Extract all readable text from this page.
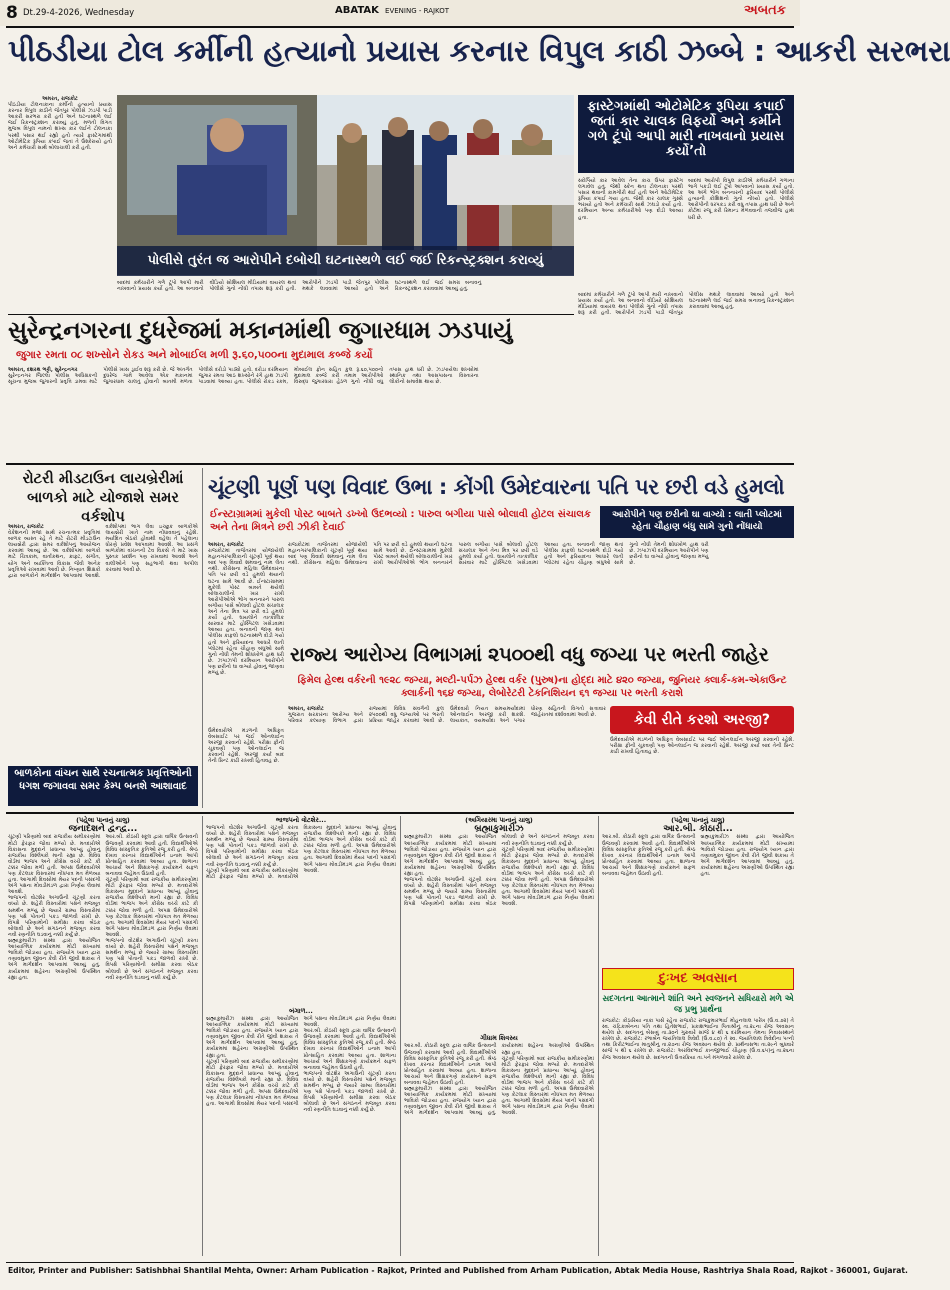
8 Dt.29-4-2026, Wednesday	ABATAK EVENING - RAJKOT	અબતક
પીઠડીયા ટોલ કર્મીની હત્યાનો પ્રયાસ કરનાર વિપુલ કાઠી ઝબ્બે : આકરી સરભરા
અમરત, રાજકોટ

પીઠડીયા ટોલનાકાના કર્મીની હત્યાનો પ્રયાસ કરનાર વિપુલ કાઠીને જેતપુર પોલીસે ઝડપી પાડી આકરી સરભરા કરી હતી અને ઘટનાસ્થળે લઈ જઈ રિકન્સ્ટ્રક્શન કરાવ્યું હતું. મળતી વિગત મુજબ વિપુલ નામનો શખ્સ કાર લઈને ટોલનાકા પરથી પસાર થઈ રહ્યો હતો ત્યારે ફાસ્ટેગમાંથી ઓટોમેટિક રૂપિયા કપાઈ જતાં તે ઉશ્કેરાયો હતો અને કર્મચારી સાથે બોલાચાલી કરી હતી.

ફાસ્ટેગમાંથી ઓટોમેટિક રૂપિયા કપાઈ જતાં કાર ચાલક વિફર્યો અને કર્મીને ગળે ટૂંપો આપી મારી નાખવાનો પ્રયાસ કર્યો’તો

સ્કોર્પિયો કાર આવેલ તેના કાચ ઉપર ફાસ્ટેગ લગાવેલ હતું. જેથી સ્કેન થતા ટોલનાકા પરથી પસાર થવાની કામગીરી થઈ હતી અને ઓટોમેટિક રૂપિયા કપાઈ ગયા હતા. જેથી કાર ચાલક ગુસ્સે ભરાયો હતો અને કર્મચારી સાથે ઝઘડો કર્યો હતો. દરમિયાન અન્ય કર્મચારીઓ પણ દોડી આવ્યા હતા.

બાદમાં આરોપી વિપુલ કાઠીએ કર્મચારીને ગળાના ભાગે પકડી લઈ ટૂંપો આપવાનો પ્રયાસ કર્યો હતો. આ અંગે ભોગ બનનારની ફરિયાદ પરથી પોલીસે હત્યાની કોશિશનો ગુનો નોંધ્યો હતો. પોલીસે આરોપીની ધરપકડ કરી વધુ તપાસ હાથ ધરી છે અને કોર્ટમાં રજૂ કરી રિમાન્ડ મેળવવાની તજવીજ હાથ ધરી છે.

પોલીસે તુરંત જ આરોપીને દબોચી ઘટનાસ્થળે લઈ જઈ રિકન્સ્ટ્રક્શન કરાવ્યું

બાદમાં કર્મચારીને ગળે ટૂંપો આપી મારી નાખવાનો પ્રયાસ કર્યો હતો. આ બનાવનો વીડિયો સોશિયલ મીડિયામાં વાયરલ થતાં પોલીસે ગુનો નોંધી તપાસ શરૂ કરી હતી. આરોપીને ઝડપી પાડી જેતપુર પોલીસ મથકે લાવવામાં આવ્યો હતો અને ઘટનાસ્થળે લઈ જઈ સમગ્ર બનાવનું રિકન્સ્ટ્રક્શન કરાવવામાં આવ્યું હતું.

સુરેન્દ્રનગરના દુધરેજમાં મકાનમાંથી જુગારધામ ઝડપાયું
જુગાર રમતા ૦૮ શખ્સોને રોકડ અને મોબાઈલ મળી રૂ.૬૦,૫૦૦ના મુદામાલ કબ્જે કર્યો
અમરત, દશરથ ભટ્ટી, સુરેન્દ્રનગર

સુરેન્દ્રનગર જિલ્લા પોલીસ અધિક્ષકની સૂચના મુજબ જુગારની પ્રવૃત્તિ ડામવા માટે પોલીસે ખાસ ડ્રાઈવ શરૂ કરી છે. જે અંતર્ગત દુધરેજ ગામે આવેલા એક મકાનમાં જુગારધામ ચાલતું હોવાની બાતમી મળતા પોલીસે દરોડો પાડ્યો હતો. દરોડા દરમિયાન જુગાર રમતા આઠ શખ્સોને રંગે હાથ ઝડપી પાડવામાં આવ્યા હતા. પોલીસે રોકડ રકમ, મોબાઈલ ફોન સહિત કુલ રૂ.૬૦,૫૦૦નો મુદામાલ કબ્જે કરી તમામ આરોપીઓ વિરુદ્ધ જુગારધારા હેઠળ ગુનો નોંધી વધુ તપાસ હાથ ધરી છે. ઝડપાયેલા શખ્સોમાં સ્થાનિક તથા આસપાસના વિસ્તારના લોકોનો સમાવેશ થાય છે.

બાદમાં કર્મચારીને ગળે ટૂંપો આપી મારી નાખવાનો પ્રયાસ કર્યો હતો. આ બનાવનો વીડિયો સોશિયલ મીડિયામાં વાયરલ થતાં પોલીસે ગુનો નોંધી તપાસ શરૂ કરી હતી. આરોપીને ઝડપી પાડી જેતપુર પોલીસ મથકે લાવવામાં આવ્યો હતો અને ઘટનાસ્થળે લઈ જઈ સમગ્ર બનાવનું રિકન્સ્ટ્રક્શન કરાવવામાં આવ્યું હતું.

રોટરી મીડટાઉન લાયબ્રેરીમાં બાળકો માટે યોજાશે સમર વર્કશોપ
અમરત, રાજકોટ

વેકેશનની મજા સાથે રચનાત્મક પ્રવૃત્તિમાં બાળક વ્યસ્ત રહે તે માટે રોટરી મીડટાઉન લાયબ્રેરી દ્વારા સમર વર્કશોપનું આયોજન કરવામાં આવ્યું છે. આ વર્કશોપમાં બાળકો માટે ચિત્રકામ, વાર્તાકથન, ક્રાફ્ટ, સંગીત, યોગ અને વ્યક્તિત્વ વિકાસ જેવી અનેક પ્રવૃત્તિઓ રાખવામાં આવી છે. નિષ્ણાત શિક્ષકો દ્વારા બાળકોને માર્ગદર્શન આપવામાં આવશે. વર્કશોપમાં ભાગ લેવા ઇચ્છુક બાળકોએ લાયબ્રેરી ખાતે નામ નોંધાવવાનું રહેશે. મર્યાદિત બેઠકો હોવાથી વહેલા તે પહેલાના ધોરણે પ્રવેશ આપવામાં આવશે. આ પ્રસંગે બાળકોમાં વાંચનની ટેવ વિકસે તે માટે ખાસ પુસ્તક પ્રદર્શન પણ રાખવામાં આવશે અને વાલીઓને પણ સહભાગી થવા અપીલ કરવામાં આવી છે.

બાળકોના વાંચન સાથે રચનાત્મક પ્રવૃત્તિઓની ધગશ જગાવવા સમર કેમ્પ બનશે આશાવાદ
ચૂંટણી પૂર્ણ પણ વિવાદ ઉભા : કોંગી ઉમેદવારના પતિ પર છરી વડે હુમલો
ઈન્સ્ટાગ્રામમાં મુકેલી પોસ્ટ બાબતે ડખ્ખો ઉદભવ્યો : પારુલ બગીયા પાસે બોલાવી હોટલ સંચાલક અને તેના મિત્રને છરી ઝીકી દેવાઈ
આરોપીને પણ છરીનો ઘા વાગ્યો : લાતી પ્લોટમાં રહેતા ચૌહાણ બંધુ સામે ગુનો નોંધાયો
અમરત, રાજકોટ

રાજકોટમાં તાજેતરમાં યોજાયેલી મહાનગરપાલિકાની ચૂંટણી પૂર્ણ થયા બાદ પણ વિવાદો શમવાનું નામ લેતા નથી. કોંગ્રેસના મહિલા ઉમેદવારના પતિ પર છરી વડે હુમલો થયાની ઘટના સામે આવી છે. ઈન્સ્ટાગ્રામમાં મુકેલી પોસ્ટ બાબતે થયેલી બોલાચાલીનો ખાર રાખી આરોપીઓએ ભોગ બનનારને પારુલ બગીયા પાસે બોલાવી હોટલ સંચાલક અને તેના મિત્ર પર છરી વડે હુમલો કર્યો હતો. ઘાયલોને તાત્કાલિક સારવાર માટે હોસ્પિટલ ખસેડવામાં આવ્યા હતા. બનાવની જાણ થતાં પોલીસ કાફલો ઘટનાસ્થળે દોડી ગયો હતો અને ફરિયાદના આધારે લાતી પ્લોટમાં રહેતા ચૌહાણ બંધુઓ સામે ગુનો નોંધી તેમની શોધખોળ હાથ ધરી છે. ઝપાઝપી દરમિયાન આરોપીને પણ છરીનો ઘા વાગ્યો હોવાનું જાણવા મળ્યું છે.

રાજકોટમાં તાજેતરમાં યોજાયેલી મહાનગરપાલિકાની ચૂંટણી પૂર્ણ થયા બાદ પણ વિવાદો શમવાનું નામ લેતા નથી. કોંગ્રેસના મહિલા ઉમેદવારના પતિ પર છરી વડે હુમલો થયાની ઘટના સામે આવી છે. ઈન્સ્ટાગ્રામમાં મુકેલી પોસ્ટ બાબતે થયેલી બોલાચાલીનો ખાર રાખી આરોપીઓએ ભોગ બનનારને પારુલ બગીયા પાસે બોલાવી હોટલ સંચાલક અને તેના મિત્ર પર છરી વડે હુમલો કર્યો હતો. ઘાયલોને તાત્કાલિક સારવાર માટે હોસ્પિટલ ખસેડવામાં આવ્યા હતા. બનાવની જાણ થતાં પોલીસ કાફલો ઘટનાસ્થળે દોડી ગયો હતો અને ફરિયાદના આધારે લાતી પ્લોટમાં રહેતા ચૌહાણ બંધુઓ સામે ગુનો નોંધી તેમની શોધખોળ હાથ ધરી છે. ઝપાઝપી દરમિયાન આરોપીને પણ છરીનો ઘા વાગ્યો હોવાનું જાણવા મળ્યું છે.

રાજ્ય આરોગ્ય વિભાગમાં ૨૫૦૦થી વધુ જગ્યા પર ભરતી જાહેર
ફિમેલ હેલ્થ વર્કરની ૧૯૨૮ જગ્યા, મલ્ટી-પર્પઝ હેલ્થ વર્કર (પુરુષ)ના હોદ્દા માટે ૪૨૦ જગ્યા, જુનિયર ક્લાર્ક-કમ-એકાઉન્ટ ક્લાર્કની ૧૬૪ જગ્યા, લેબોરેટરી ટેકનિશિયન ૬૧ જગ્યા પર ભરતી કરાશે
અમરત, રાજકોટ

ગુજરાત સરકારના આરોગ્ય અને પરિવાર કલ્યાણ વિભાગ દ્વારા રાજ્યમાં વિવિધ સંવર્ગની કુલ ૨૫૦૦થી વધુ જગ્યાઓ પર ભરતી પ્રક્રિયા જાહેર કરવામાં આવી છે. ઉમેદવારો નિયત સમયમર્યાદામાં ઓનલાઈન અરજી કરી શકશે. લાયકાત, વયમર્યાદા અને પગાર ધોરણ સહિતની વિગતો સત્તાવાર જાહેરાતમાં દર્શાવવામાં આવી છે.	કેવી રીતે કરશો અરજી?
ઉમેદવારોએ મંડળની અધિકૃત વેબસાઈટ પર જઈ ઓનલાઈન અરજી કરવાની રહેશે. પરીક્ષા ફીની ચૂકવણી પણ ઓનલાઈન જ કરવાની રહેશે. અરજી કર્યા બાદ તેની પ્રિન્ટ કાઢી રાખવી હિતાવહ છે.

ઉમેદવારોએ મંડળની અધિકૃત વેબસાઈટ પર જઈ ઓનલાઈન અરજી કરવાની રહેશે. પરીક્ષા ફીની ચૂકવણી પણ ઓનલાઈન જ કરવાની રહેશે. અરજી કર્યા બાદ તેની પ્રિન્ટ કાઢી રાખવી હિતાવહ છે.

(પહેલા પાનાનું ચાલુ)
જનાદેશને દ્વન્દ્વ...

ચૂંટણી પરિણામો બાદ રાજકીય સમીકરણોમાં મોટો ફેરફાર જોવા મળ્યો છે. મતદારોએ વિકાસના મુદ્દાને પ્રાધાન્ય આપ્યું હોવાનું રાજકીય વિશ્લેષકો માની રહ્યા છે. વિવિધ વોર્ડમાં ભાજપ અને કોંગ્રેસ વચ્ચે કાંટે કી ટક્કર જોવા મળી હતી. અપક્ષ ઉમેદવારોએ પણ કેટલાક વિસ્તારમાં નોંધપાત્ર મત મેળવ્યા હતા. આગામી દિવસોમાં મેયર પદની પસંદગી અંગે પક્ષના મોવડીમંડળ દ્વારા નિર્ણય લેવામાં આવશે.

ભાજપનો વોટશેર અગાઉની ચૂંટણી કરતા વધ્યો છે. શહેરી વિસ્તારોમાં પક્ષને મજબૂત સમર્થન મળ્યું છે જ્યારે ગ્રામ્ય વિસ્તારોમાં પણ પક્ષે પોતાની પકડ જાળવી રાખી છે. વિપક્ષે પરિણામોની સમીક્ષા કરવા બેઠક બોલાવી છે અને સંગઠનને મજબૂત કરવા નવી રણનીતિ ઘડવાનું નક્કી કર્યું છે.

બ્રહ્માકુમારીઝ સંસ્થા દ્વારા આયોજિત આધ્યાત્મિક કાર્યક્રમમાં મોટી સંખ્યામાં ભાવિકો જોડાયા હતા. રાજયોગ ધ્યાન દ્વારા તણાવમુક્ત જીવન કેવી રીતે જીવી શકાય તે અંગે માર્ગદર્શન આપવામાં આવ્યું હતું. કાર્યક્રમમાં શહેરના અગ્રણીઓ ઉપસ્થિત રહ્યા હતા.

આર.બી. કોઠારી સ્કૂલ દ્વારા વાર્ષિક ઉત્સવની ઉજવણી કરવામાં આવી હતી. વિદ્યાર્થીઓએ વિવિધ સાંસ્કૃતિક કૃતિઓ રજૂ કરી હતી. શ્રેષ્ઠ દેખાવ કરનાર વિદ્યાર્થીઓને ઇનામ આપી પ્રોત્સાહિત કરવામાં આવ્યા હતા. શાળાના આચાર્ય અને શિક્ષકગણે કાર્યક્રમને સફળ બનાવવા જહેમત ઉઠાવી હતી.

ચૂંટણી પરિણામો બાદ રાજકીય સમીકરણોમાં મોટો ફેરફાર જોવા મળ્યો છે. મતદારોએ વિકાસના મુદ્દાને પ્રાધાન્ય આપ્યું હોવાનું રાજકીય વિશ્લેષકો માની રહ્યા છે. વિવિધ વોર્ડમાં ભાજપ અને કોંગ્રેસ વચ્ચે કાંટે કી ટક્કર જોવા મળી હતી. અપક્ષ ઉમેદવારોએ પણ કેટલાક વિસ્તારમાં નોંધપાત્ર મત મેળવ્યા હતા. આગામી દિવસોમાં મેયર પદની પસંદગી અંગે પક્ષના મોવડીમંડળ દ્વારા નિર્ણય લેવામાં આવશે.

ભાજપનો વોટશેર અગાઉની ચૂંટણી કરતા વધ્યો છે. શહેરી વિસ્તારોમાં પક્ષને મજબૂત સમર્થન મળ્યું છે જ્યારે ગ્રામ્ય વિસ્તારોમાં પણ પક્ષે પોતાની પકડ જાળવી રાખી છે. વિપક્ષે પરિણામોની સમીક્ષા કરવા બેઠક બોલાવી છે અને સંગઠનને મજબૂત કરવા નવી રણનીતિ ઘડવાનું નક્કી કર્યું છે.

ભાજપનો વોટશેર...

ભાજપનો વોટશેર અગાઉની ચૂંટણી કરતા વધ્યો છે. શહેરી વિસ્તારોમાં પક્ષને મજબૂત સમર્થન મળ્યું છે જ્યારે ગ્રામ્ય વિસ્તારોમાં પણ પક્ષે પોતાની પકડ જાળવી રાખી છે. વિપક્ષે પરિણામોની સમીક્ષા કરવા બેઠક બોલાવી છે અને સંગઠનને મજબૂત કરવા નવી રણનીતિ ઘડવાનું નક્કી કર્યું છે.

ચૂંટણી પરિણામો બાદ રાજકીય સમીકરણોમાં મોટો ફેરફાર જોવા મળ્યો છે. મતદારોએ વિકાસના મુદ્દાને પ્રાધાન્ય આપ્યું હોવાનું રાજકીય વિશ્લેષકો માની રહ્યા છે. વિવિધ વોર્ડમાં ભાજપ અને કોંગ્રેસ વચ્ચે કાંટે કી ટક્કર જોવા મળી હતી. અપક્ષ ઉમેદવારોએ પણ કેટલાક વિસ્તારમાં નોંધપાત્ર મત મેળવ્યા હતા. આગામી દિવસોમાં મેયર પદની પસંદગી અંગે પક્ષના મોવડીમંડળ દ્વારા નિર્ણય લેવામાં આવશે.

બંગાળ...

બ્રહ્માકુમારીઝ સંસ્થા દ્વારા આયોજિત આધ્યાત્મિક કાર્યક્રમમાં મોટી સંખ્યામાં ભાવિકો જોડાયા હતા. રાજયોગ ધ્યાન દ્વારા તણાવમુક્ત જીવન કેવી રીતે જીવી શકાય તે અંગે માર્ગદર્શન આપવામાં આવ્યું હતું. કાર્યક્રમમાં શહેરના અગ્રણીઓ ઉપસ્થિત રહ્યા હતા.

ચૂંટણી પરિણામો બાદ રાજકીય સમીકરણોમાં મોટો ફેરફાર જોવા મળ્યો છે. મતદારોએ વિકાસના મુદ્દાને પ્રાધાન્ય આપ્યું હોવાનું રાજકીય વિશ્લેષકો માની રહ્યા છે. વિવિધ વોર્ડમાં ભાજપ અને કોંગ્રેસ વચ્ચે કાંટે કી ટક્કર જોવા મળી હતી. અપક્ષ ઉમેદવારોએ પણ કેટલાક વિસ્તારમાં નોંધપાત્ર મત મેળવ્યા હતા. આગામી દિવસોમાં મેયર પદની પસંદગી અંગે પક્ષના મોવડીમંડળ દ્વારા નિર્ણય લેવામાં આવશે.

આર.બી. કોઠારી સ્કૂલ દ્વારા વાર્ષિક ઉત્સવની ઉજવણી કરવામાં આવી હતી. વિદ્યાર્થીઓએ વિવિધ સાંસ્કૃતિક કૃતિઓ રજૂ કરી હતી. શ્રેષ્ઠ દેખાવ કરનાર વિદ્યાર્થીઓને ઇનામ આપી પ્રોત્સાહિત કરવામાં આવ્યા હતા. શાળાના આચાર્ય અને શિક્ષકગણે કાર્યક્રમને સફળ બનાવવા જહેમત ઉઠાવી હતી.

ભાજપનો વોટશેર અગાઉની ચૂંટણી કરતા વધ્યો છે. શહેરી વિસ્તારોમાં પક્ષને મજબૂત સમર્થન મળ્યું છે જ્યારે ગ્રામ્ય વિસ્તારોમાં પણ પક્ષે પોતાની પકડ જાળવી રાખી છે. વિપક્ષે પરિણામોની સમીક્ષા કરવા બેઠક બોલાવી છે અને સંગઠનને મજબૂત કરવા નવી રણનીતિ ઘડવાનું નક્કી કર્યું છે.

(અગિયારમા પાનાનું ચાલુ)
બ્રહ્માકુમારીઝ

બ્રહ્માકુમારીઝ સંસ્થા દ્વારા આયોજિત આધ્યાત્મિક કાર્યક્રમમાં મોટી સંખ્યામાં ભાવિકો જોડાયા હતા. રાજયોગ ધ્યાન દ્વારા તણાવમુક્ત જીવન કેવી રીતે જીવી શકાય તે અંગે માર્ગદર્શન આપવામાં આવ્યું હતું. કાર્યક્રમમાં શહેરના અગ્રણીઓ ઉપસ્થિત રહ્યા હતા.

ભાજપનો વોટશેર અગાઉની ચૂંટણી કરતા વધ્યો છે. શહેરી વિસ્તારોમાં પક્ષને મજબૂત સમર્થન મળ્યું છે જ્યારે ગ્રામ્ય વિસ્તારોમાં પણ પક્ષે પોતાની પકડ જાળવી રાખી છે. વિપક્ષે પરિણામોની સમીક્ષા કરવા બેઠક બોલાવી છે અને સંગઠનને મજબૂત કરવા નવી રણનીતિ ઘડવાનું નક્કી કર્યું છે.

ચૂંટણી પરિણામો બાદ રાજકીય સમીકરણોમાં મોટો ફેરફાર જોવા મળ્યો છે. મતદારોએ વિકાસના મુદ્દાને પ્રાધાન્ય આપ્યું હોવાનું રાજકીય વિશ્લેષકો માની રહ્યા છે. વિવિધ વોર્ડમાં ભાજપ અને કોંગ્રેસ વચ્ચે કાંટે કી ટક્કર જોવા મળી હતી. અપક્ષ ઉમેદવારોએ પણ કેટલાક વિસ્તારમાં નોંધપાત્ર મત મેળવ્યા હતા. આગામી દિવસોમાં મેયર પદની પસંદગી અંગે પક્ષના મોવડીમંડળ દ્વારા નિર્ણય લેવામાં આવશે.

ગીધામ શિવસ્ય

આર.બી. કોઠારી સ્કૂલ દ્વારા વાર્ષિક ઉત્સવની ઉજવણી કરવામાં આવી હતી. વિદ્યાર્થીઓએ વિવિધ સાંસ્કૃતિક કૃતિઓ રજૂ કરી હતી. શ્રેષ્ઠ દેખાવ કરનાર વિદ્યાર્થીઓને ઇનામ આપી પ્રોત્સાહિત કરવામાં આવ્યા હતા. શાળાના આચાર્ય અને શિક્ષકગણે કાર્યક્રમને સફળ બનાવવા જહેમત ઉઠાવી હતી.

બ્રહ્માકુમારીઝ સંસ્થા દ્વારા આયોજિત આધ્યાત્મિક કાર્યક્રમમાં મોટી સંખ્યામાં ભાવિકો જોડાયા હતા. રાજયોગ ધ્યાન દ્વારા તણાવમુક્ત જીવન કેવી રીતે જીવી શકાય તે અંગે માર્ગદર્શન આપવામાં આવ્યું હતું. કાર્યક્રમમાં શહેરના અગ્રણીઓ ઉપસ્થિત રહ્યા હતા.

ચૂંટણી પરિણામો બાદ રાજકીય સમીકરણોમાં મોટો ફેરફાર જોવા મળ્યો છે. મતદારોએ વિકાસના મુદ્દાને પ્રાધાન્ય આપ્યું હોવાનું રાજકીય વિશ્લેષકો માની રહ્યા છે. વિવિધ વોર્ડમાં ભાજપ અને કોંગ્રેસ વચ્ચે કાંટે કી ટક્કર જોવા મળી હતી. અપક્ષ ઉમેદવારોએ પણ કેટલાક વિસ્તારમાં નોંધપાત્ર મત મેળવ્યા હતા. આગામી દિવસોમાં મેયર પદની પસંદગી અંગે પક્ષના મોવડીમંડળ દ્વારા નિર્ણય લેવામાં આવશે.

(પહેલા પાનાનું ચાલુ)
આર.બી. કોઠારી...

આર.બી. કોઠારી સ્કૂલ દ્વારા વાર્ષિક ઉત્સવની ઉજવણી કરવામાં આવી હતી. વિદ્યાર્થીઓએ વિવિધ સાંસ્કૃતિક કૃતિઓ રજૂ કરી હતી. શ્રેષ્ઠ દેખાવ કરનાર વિદ્યાર્થીઓને ઇનામ આપી પ્રોત્સાહિત કરવામાં આવ્યા હતા. શાળાના આચાર્ય અને શિક્ષકગણે કાર્યક્રમને સફળ બનાવવા જહેમત ઉઠાવી હતી.

બ્રહ્માકુમારીઝ સંસ્થા દ્વારા આયોજિત આધ્યાત્મિક કાર્યક્રમમાં મોટી સંખ્યામાં ભાવિકો જોડાયા હતા. રાજયોગ ધ્યાન દ્વારા તણાવમુક્ત જીવન કેવી રીતે જીવી શકાય તે અંગે માર્ગદર્શન આપવામાં આવ્યું હતું. કાર્યક્રમમાં શહેરના અગ્રણીઓ ઉપસ્થિત રહ્યા હતા.

દુઃખદ અવસાન
સદગતના આત્માને શાંતિ અને સ્વજનને સધિયારો મળે એ જ પ્રભુ પ્રાર્થના
રાજકોટ: કોઠારિયા નાકા પાસે રહેતા રાજકોટ રાજકુમારભાઈ મોહનલાલ પારેખ (ઉ.વ.૭૨) તે સ્વ. ચંદ્રિકાબેનના પતિ તથા હિતેશભાઈ, પ્રકાશભાઈના પિતાશ્રીનું તા.૨૮ના રોજ અવસાન થયેલ છે. સદગતનું બેસણું તા.૩૦ને ગુરુવારે સાંજે ૪ થી ૬ દરમિયાન તેમના નિવાસસ્થાને રાખેલ છે. રાજકોટ: રંભાબેન જયંતિલાલ ત્રિવેદી (ઉ.વ.૮૦) તે સ્વ. જયંતિલાલ ત્રિવેદીના પત્ની તથા કિરીટભાઈના માતુશ્રીનું તા.૨૭ના રોજ અવસાન થયેલ છે. પ્રાર્થનાસભા તા.૨૯ને બુધવારે સાંજે ૫ થી ૬ રાખેલ છે. રાજકોટ: અરવિંદભાઈ કાનજીભાઈ ચૌહાણ (ઉ.વ.૬૫)નું તા.૨૬ના રોજ અવસાન થયેલ છે. સદગતની ઉત્તરક્રિયા તા.૫ને મંગળવારે રાખેલ છે.
Editor, Printer and Publisher: Satishbhai Shantilal Mehta, Owner: Arham Publication - Rajkot, Printed and Published from Arham Publication, Abtak Media House, Rashtriya Shala Road, Rajkot - 360001, Gujarat.
